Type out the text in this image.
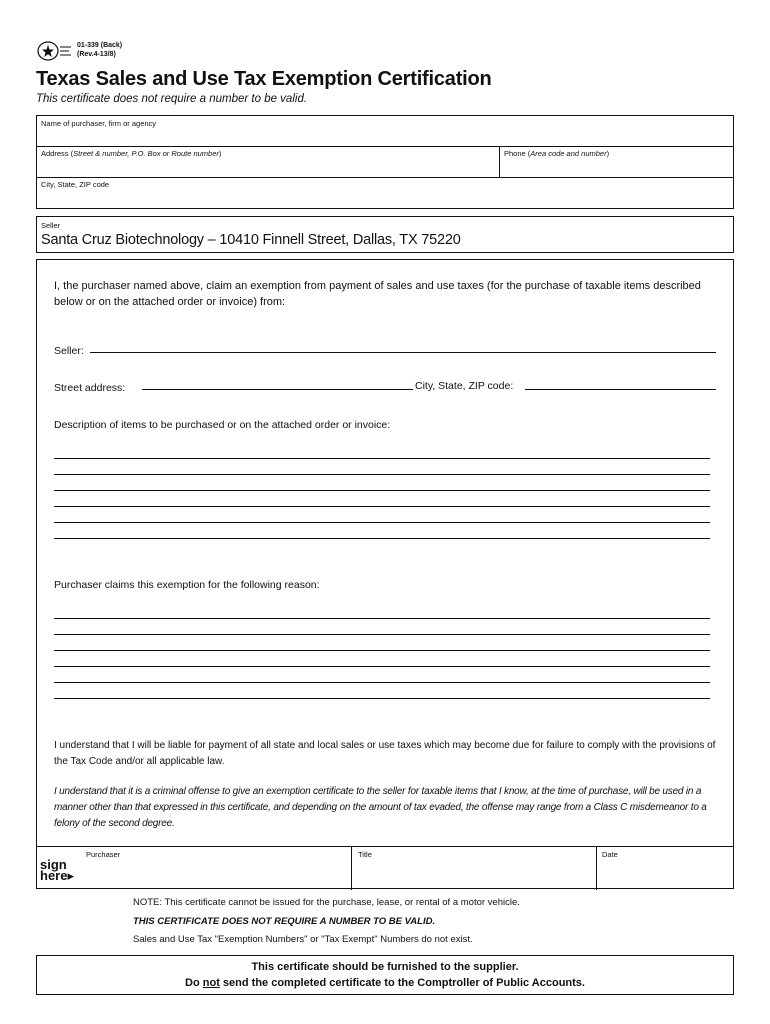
01-339 (Back)
(Rev.4-13/8)
Texas Sales and Use Tax Exemption Certification
This certificate does not require a number to be valid.
Name of purchaser, firm or agency
Address (Street & number, P.O. Box or Route number)	Phone (Area code and number)
City, State, ZIP code
Seller
Santa Cruz Biotechnology – 10410 Finnell Street, Dallas, TX 75220
I, the purchaser named above, claim an exemption from payment of sales and use taxes (for the purchase of taxable items described below or on the attached order or invoice) from:
Seller:
Street address:	City, State, ZIP code:
Description of items to be purchased or on the attached order or invoice:
Purchaser claims this exemption for the following reason:
I understand that I will be liable for payment of all state and local sales or use taxes which may become due for failure to comply with the provisions of the Tax Code and/or all applicable law.
I understand that it is a criminal offense to give an exemption certificate to the seller for taxable items that I know, at the time of purchase, will be used in a manner other than that expressed in this certificate, and depending on the amount of tax evaded, the offense may range from a Class C misdemeanor to a felony of the second degree.
sign
here▸
Purchaser	Title	Date
NOTE: This certificate cannot be issued for the purchase, lease, or rental of a motor vehicle.
THIS CERTIFICATE DOES NOT REQUIRE A NUMBER TO BE VALID.
Sales and Use Tax "Exemption Numbers" or "Tax Exempt" Numbers do not exist.
This certificate should be furnished to the supplier.
Do not send the completed certificate to the Comptroller of Public Accounts.
